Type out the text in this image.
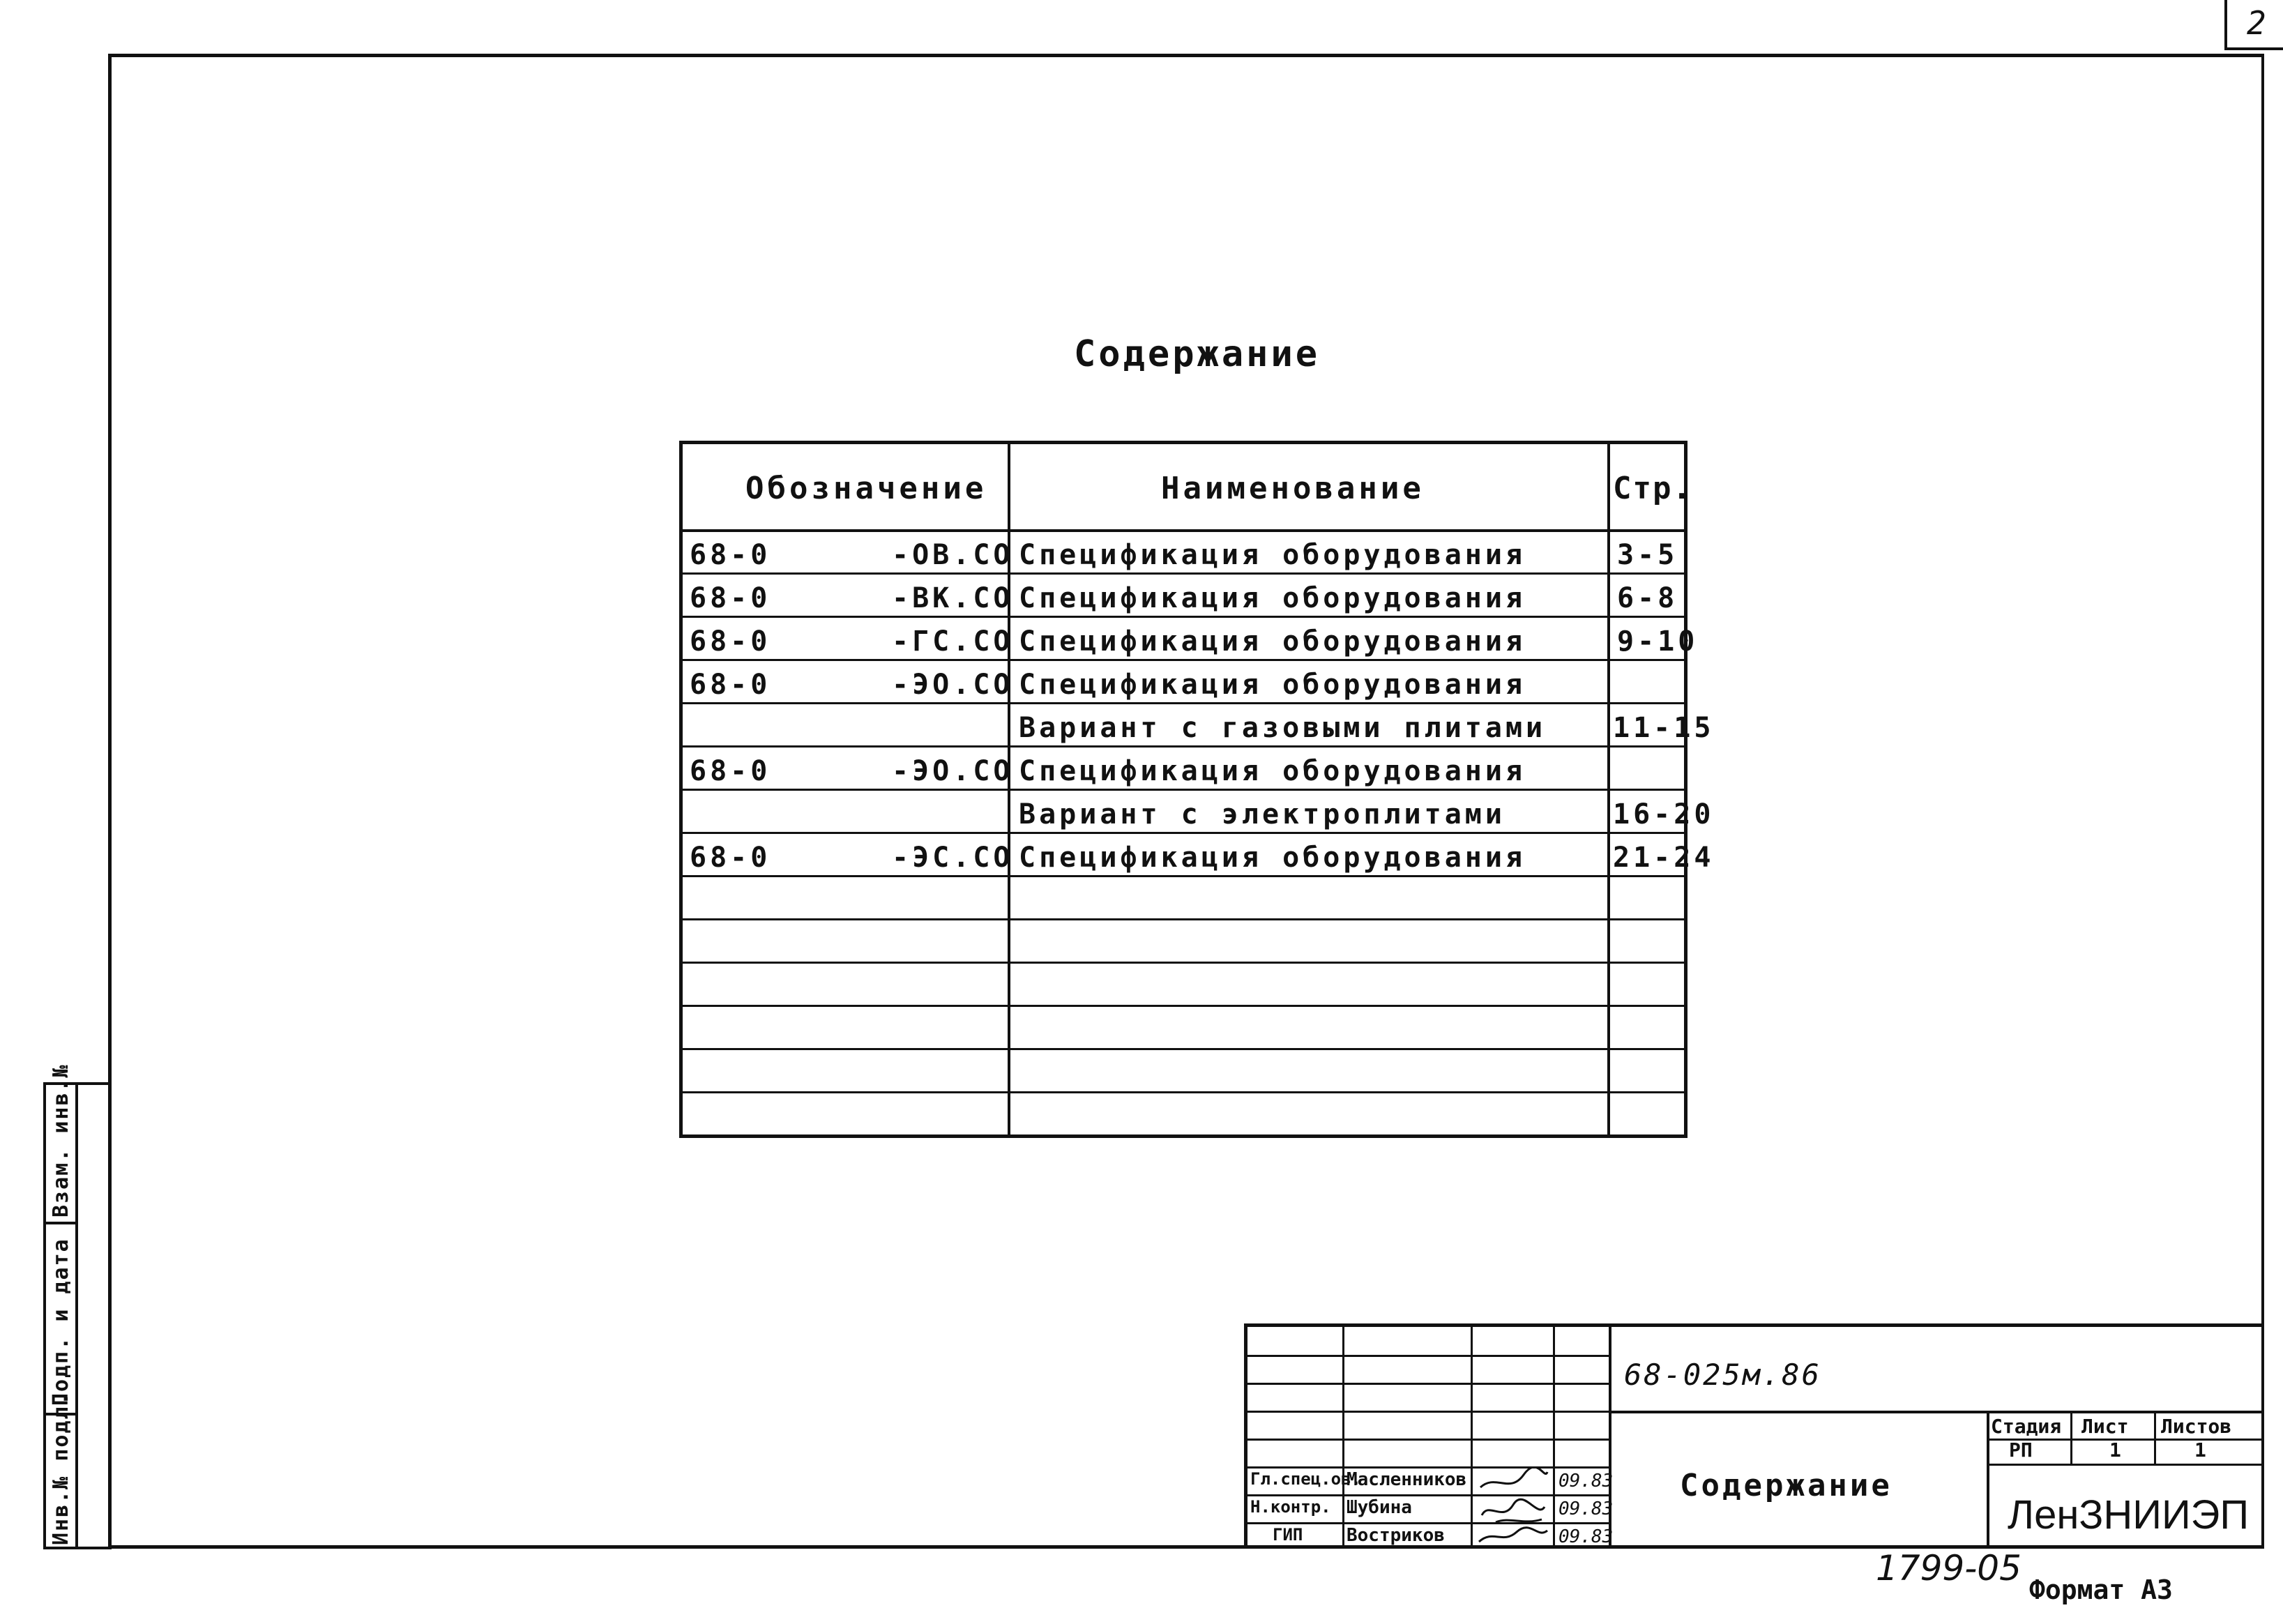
2
Содержание
Обозначение	Наименование	Стр.
68-0	-ОВ.СО Спецификация оборудования	3-5
68-0	-ВК.СО Спецификация оборудования	6-8
68-0	-ГС.СО Спецификация оборудования	9-10
68-0	-ЭО.СО Спецификация оборудования
Вариант с газовыми плитами 11-15
68-0	-ЭО.СО Спецификация оборудования
Вариант с электроплитами	16-20
68-0	-ЭС.СО Спецификация оборудования	21-24
Взам. инв.№
Подп. и дата
Инв.№ подл.
68-025м.86
Содержание
Стадия Лист Листов
РП	1	1
ЛенЗНИИЭП
Гл.спец.ов.
Масленников	09.83
Н.контр. Шубина	09.83
ГИП Востриков	09.83
1799-05
Формат А3
